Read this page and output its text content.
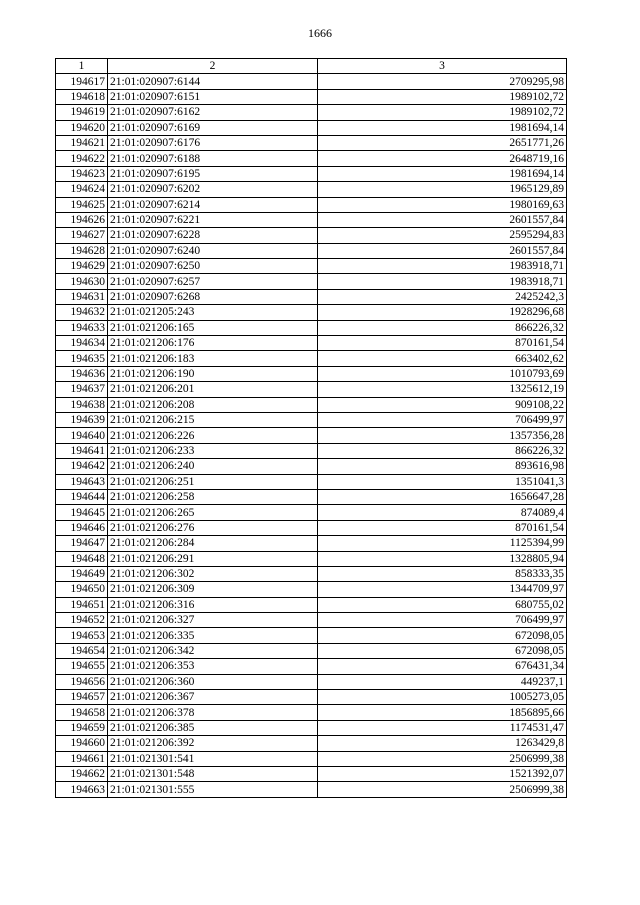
1666
1	2	3
194617	21:01:020907:6144	2709295,98
194618	21:01:020907:6151	1989102,72
194619	21:01:020907:6162	1989102,72
194620	21:01:020907:6169	1981694,14
194621	21:01:020907:6176	2651771,26
194622	21:01:020907:6188	2648719,16
194623	21:01:020907:6195	1981694,14
194624	21:01:020907:6202	1965129,89
194625	21:01:020907:6214	1980169,63
194626	21:01:020907:6221	2601557,84
194627	21:01:020907:6228	2595294,83
194628	21:01:020907:6240	2601557,84
194629	21:01:020907:6250	1983918,71
194630	21:01:020907:6257	1983918,71
194631	21:01:020907:6268	2425242,3
194632	21:01:021205:243	1928296,68
194633	21:01:021206:165	866226,32
194634	21:01:021206:176	870161,54
194635	21:01:021206:183	663402,62
194636	21:01:021206:190	1010793,69
194637	21:01:021206:201	1325612,19
194638	21:01:021206:208	909108,22
194639	21:01:021206:215	706499,97
194640	21:01:021206:226	1357356,28
194641	21:01:021206:233	866226,32
194642	21:01:021206:240	893616,98
194643	21:01:021206:251	1351041,3
194644	21:01:021206:258	1656647,28
194645	21:01:021206:265	874089,4
194646	21:01:021206:276	870161,54
194647	21:01:021206:284	1125394,99
194648	21:01:021206:291	1328805,94
194649	21:01:021206:302	858333,35
194650	21:01:021206:309	1344709,97
194651	21:01:021206:316	680755,02
194652	21:01:021206:327	706499,97
194653	21:01:021206:335	672098,05
194654	21:01:021206:342	672098,05
194655	21:01:021206:353	676431,34
194656	21:01:021206:360	449237,1
194657	21:01:021206:367	1005273,05
194658	21:01:021206:378	1856895,66
194659	21:01:021206:385	1174531,47
194660	21:01:021206:392	1263429,8
194661	21:01:021301:541	2506999,38
194662	21:01:021301:548	1521392,07
194663	21:01:021301:555	2506999,38
